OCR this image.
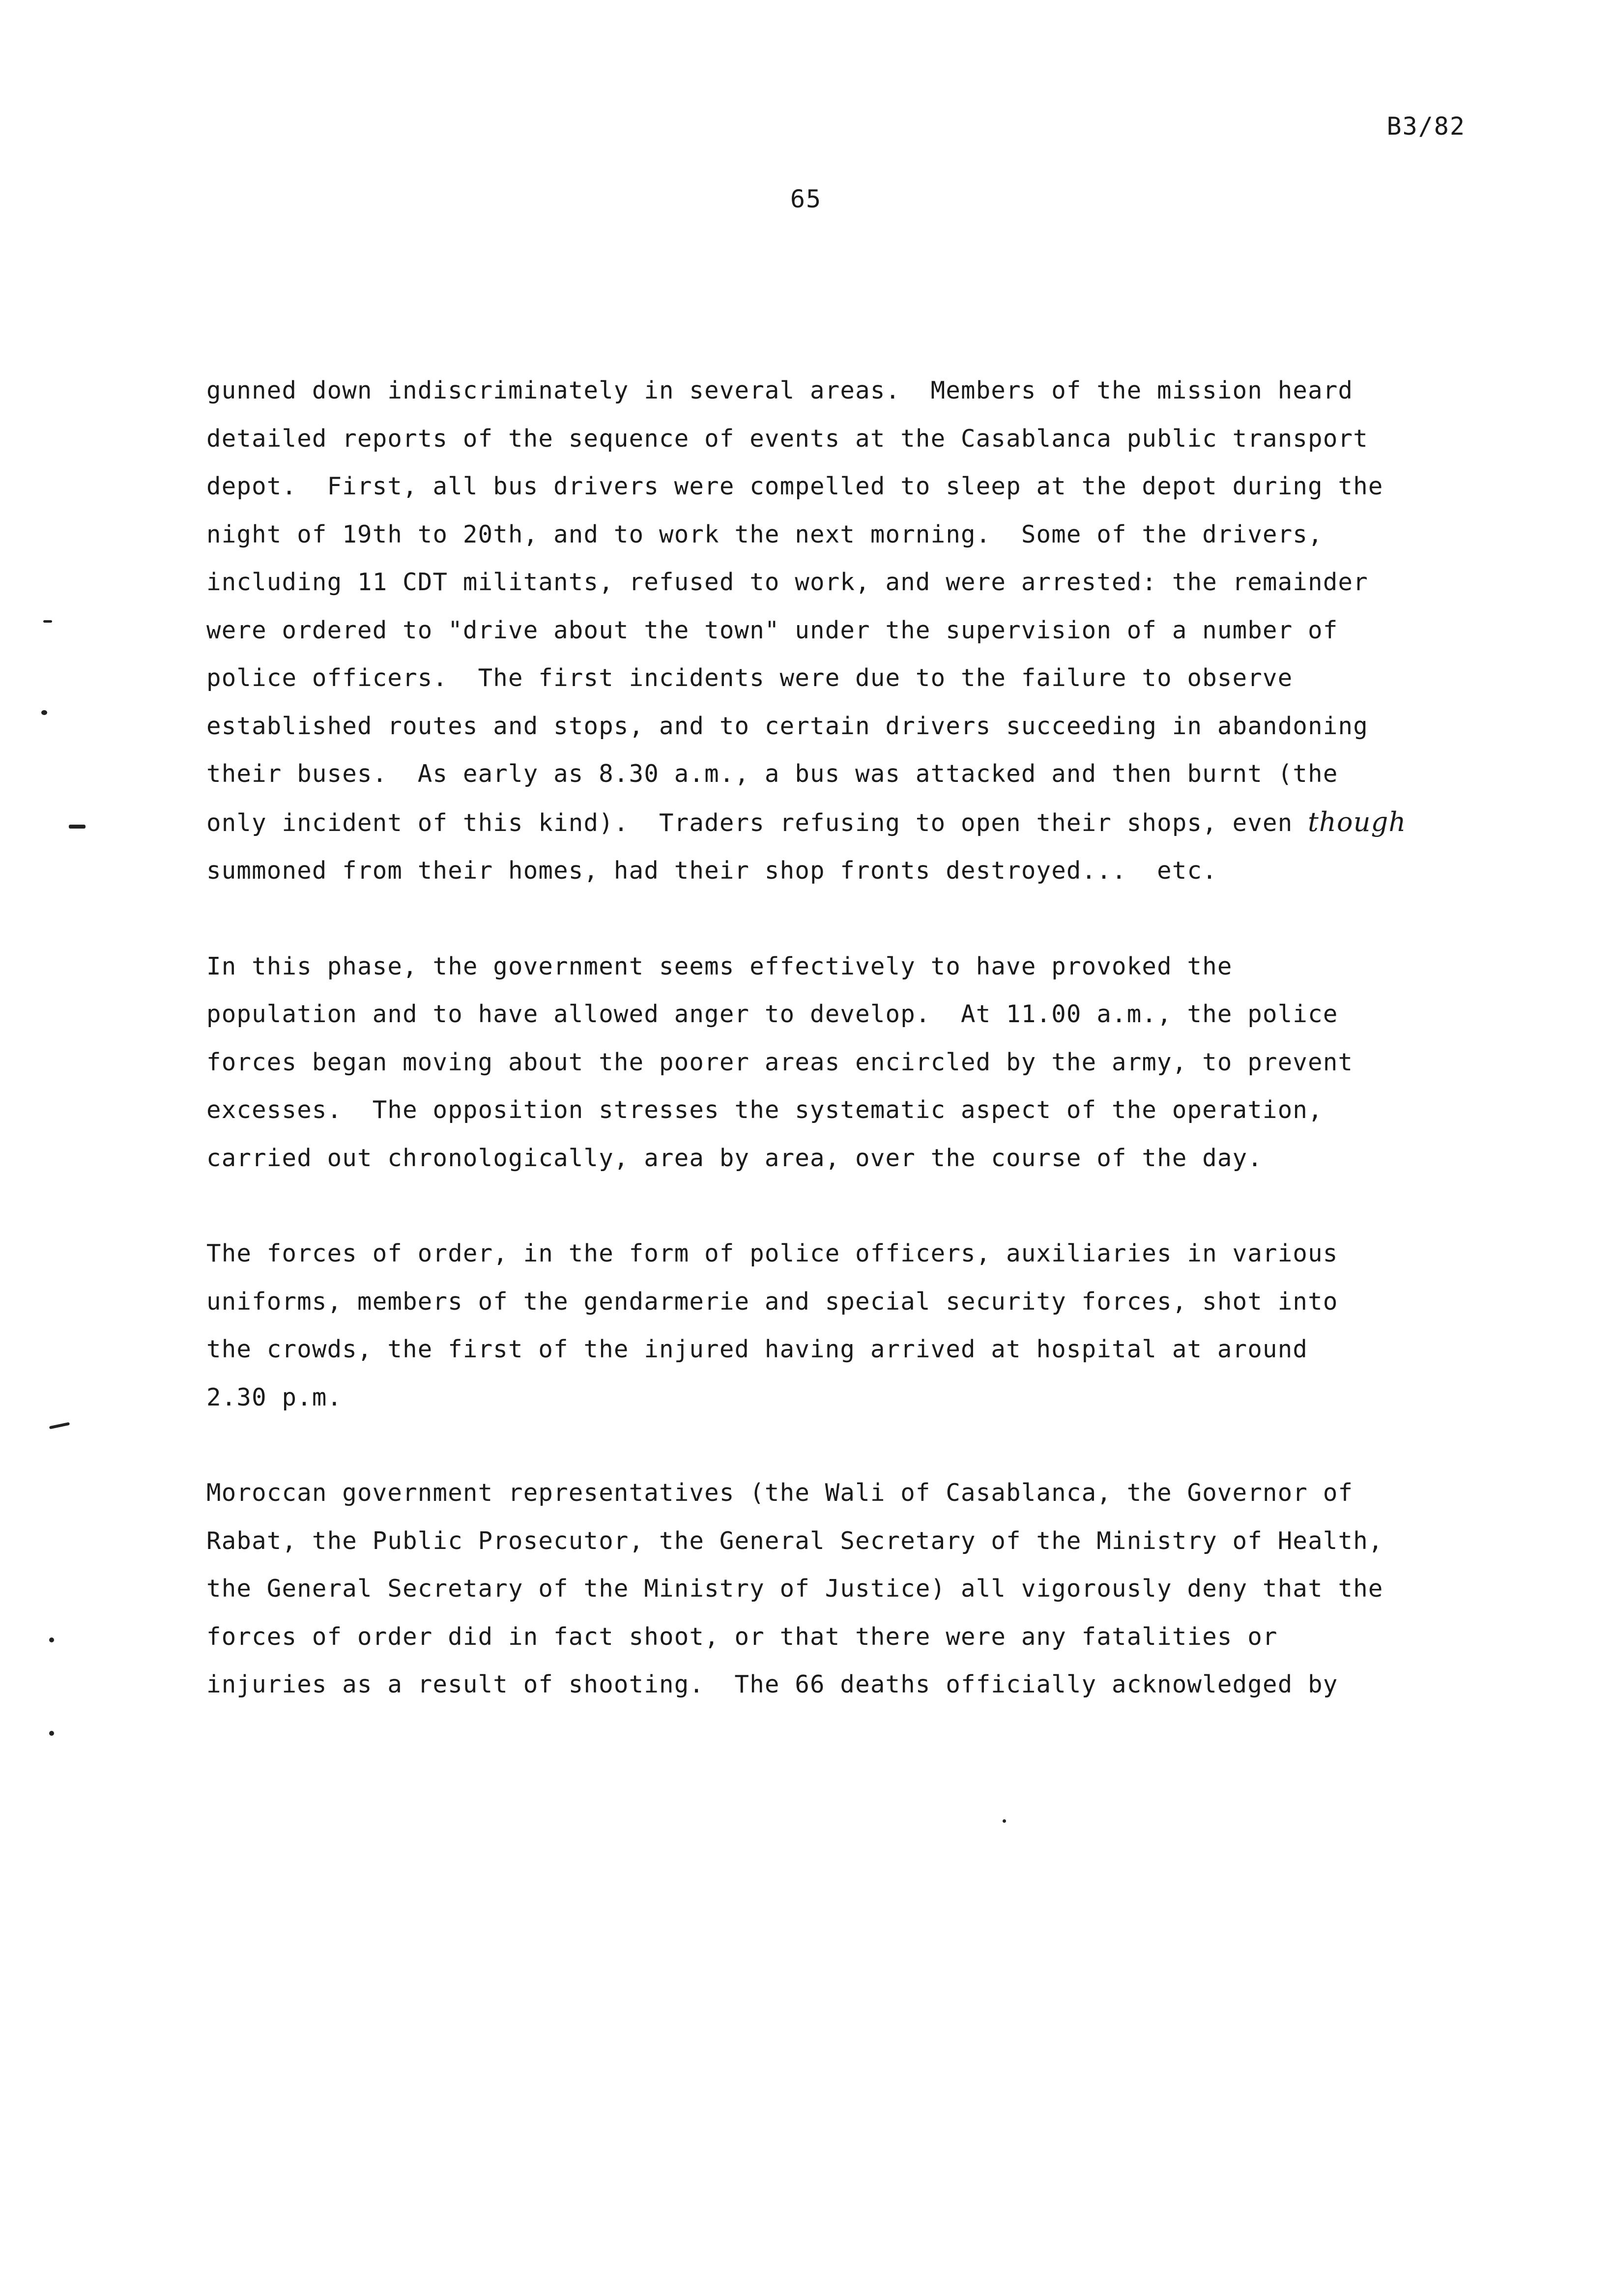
B3/82
65
gunned down indiscriminately in several areas.  Members of the mission heard
detailed reports of the sequence of events at the Casablanca public transport
depot.  First, all bus drivers were compelled to sleep at the depot during the
night of 19th to 20th, and to work the next morning.  Some of the drivers,
including 11 CDT militants, refused to work, and were arrested: the remainder
were ordered to "drive about the town" under the supervision of a number of
police officers.  The first incidents were due to the failure to observe
established routes and stops, and to certain drivers succeeding in abandoning
their buses.  As early as 8.30 a.m., a bus was attacked and then burnt (the
only incident of this kind).  Traders refusing to open their shops, even though
summoned from their homes, had their shop fronts destroyed...  etc.
In this phase, the government seems effectively to have provoked the
population and to have allowed anger to develop.  At 11.00 a.m., the police
forces began moving about the poorer areas encircled by the army, to prevent
excesses.  The opposition stresses the systematic aspect of the operation,
carried out chronologically, area by area, over the course of the day.
The forces of order, in the form of police officers, auxiliaries in various
uniforms, members of the gendarmerie and special security forces, shot into
the crowds, the first of the injured having arrived at hospital at around
2.30 p.m.
Moroccan government representatives (the Wali of Casablanca, the Governor of
Rabat, the Public Prosecutor, the General Secretary of the Ministry of Health,
the General Secretary of the Ministry of Justice) all vigorously deny that the
forces of order did in fact shoot, or that there were any fatalities or
injuries as a result of shooting.  The 66 deaths officially acknowledged by
